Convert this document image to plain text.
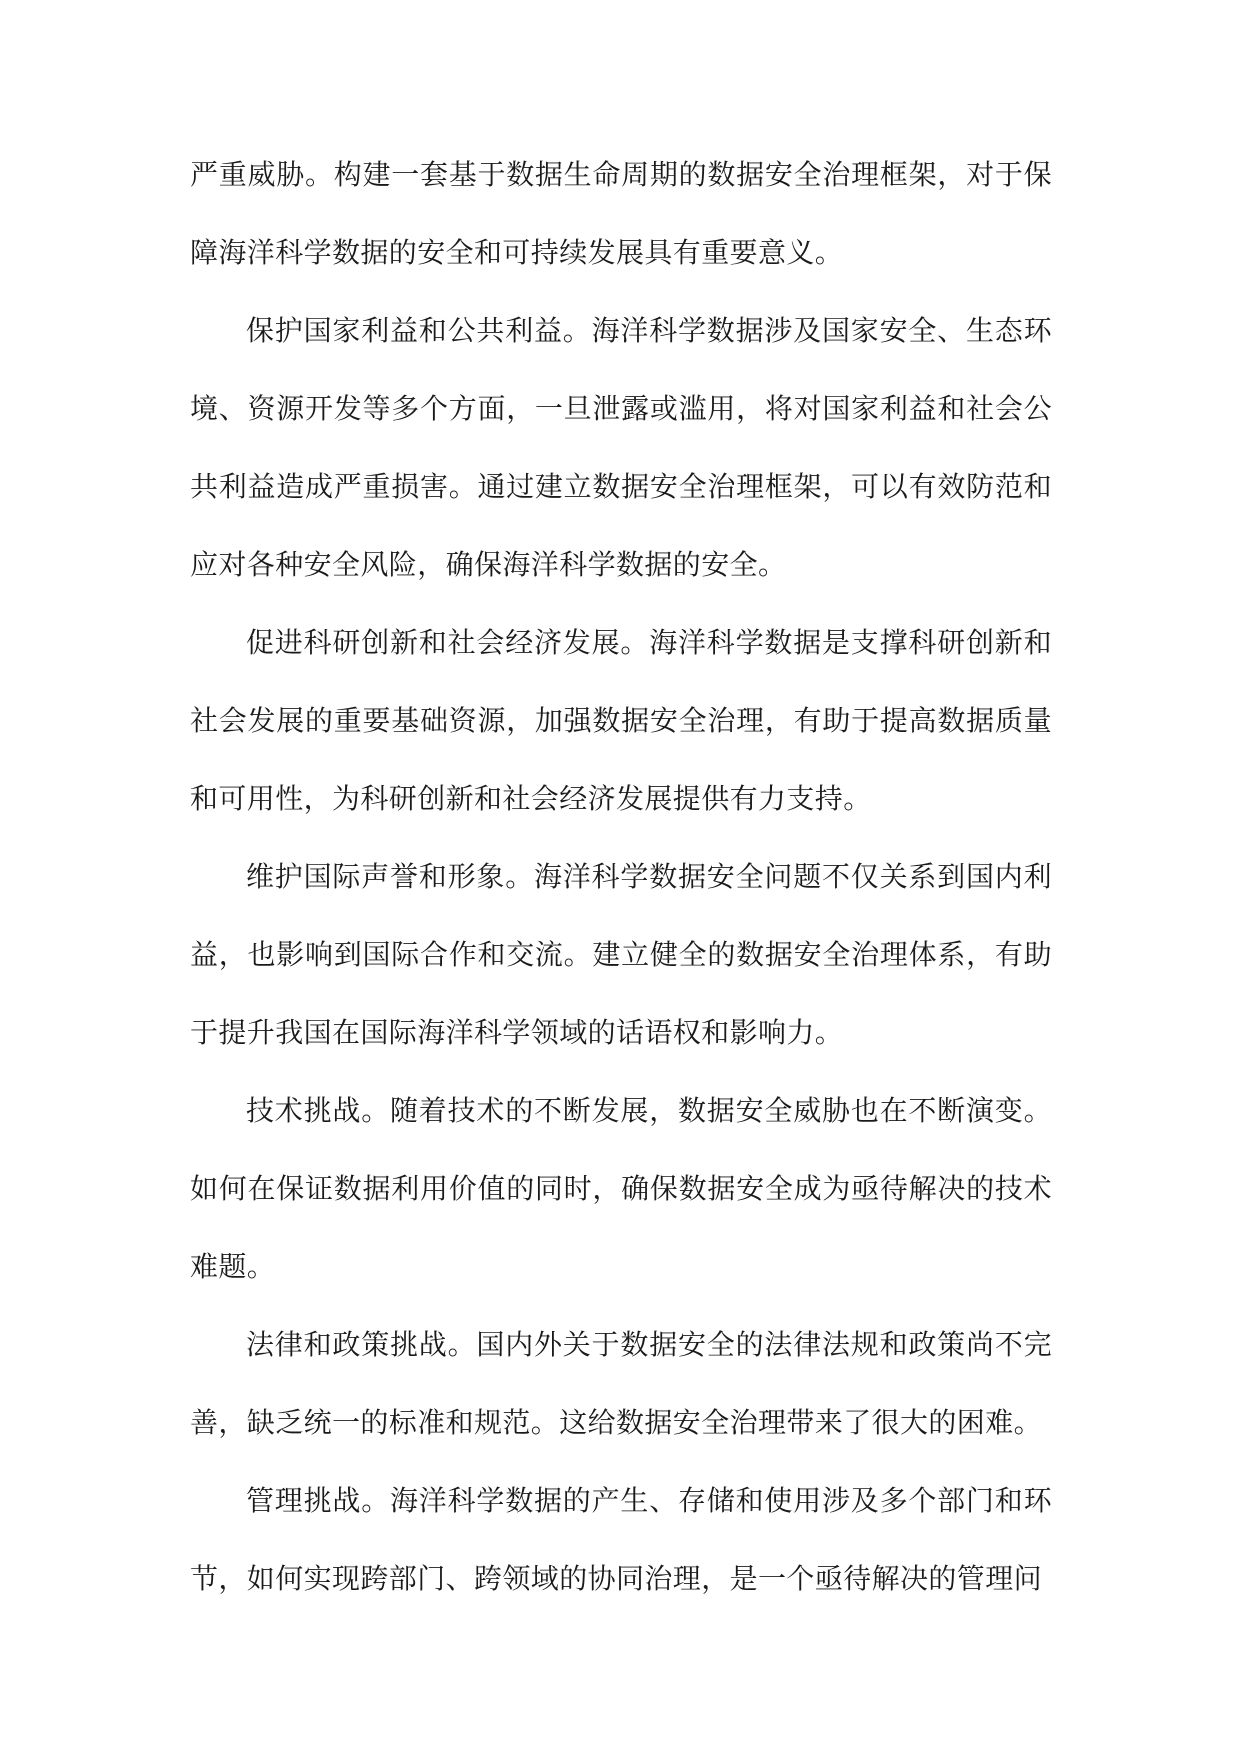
严重威胁。构建一套基于数据生命周期的数据安全治理框架，对于保障海洋科学数据的安全和可持续发展具有重要意义。

保护国家利益和公共利益。海洋科学数据涉及国家安全、生态环境、资源开发等多个方面，一旦泄露或滥用，将对国家利益和社会公共利益造成严重损害。通过建立数据安全治理框架，可以有效防范和应对各种安全风险，确保海洋科学数据的安全。

促进科研创新和社会经济发展。海洋科学数据是支撑科研创新和社会发展的重要基础资源，加强数据安全治理，有助于提高数据质量和可用性，为科研创新和社会经济发展提供有力支持。

维护国际声誉和形象。海洋科学数据安全问题不仅关系到国内利益，也影响到国际合作和交流。建立健全的数据安全治理体系，有助于提升我国在国际海洋科学领域的话语权和影响力。

技术挑战。随着技术的不断发展，数据安全威胁也在不断演变。如何在保证数据利用价值的同时，确保数据安全成为亟待解决的技术难题。

法律和政策挑战。国内外关于数据安全的法律法规和政策尚不完善，缺乏统一的标准和规范。这给数据安全治理带来了很大的困难。

管理挑战。海洋科学数据的产生、存储和使用涉及多个部门和环节，如何实现跨部门、跨领域的协同治理，是一个亟待解决的管理问
